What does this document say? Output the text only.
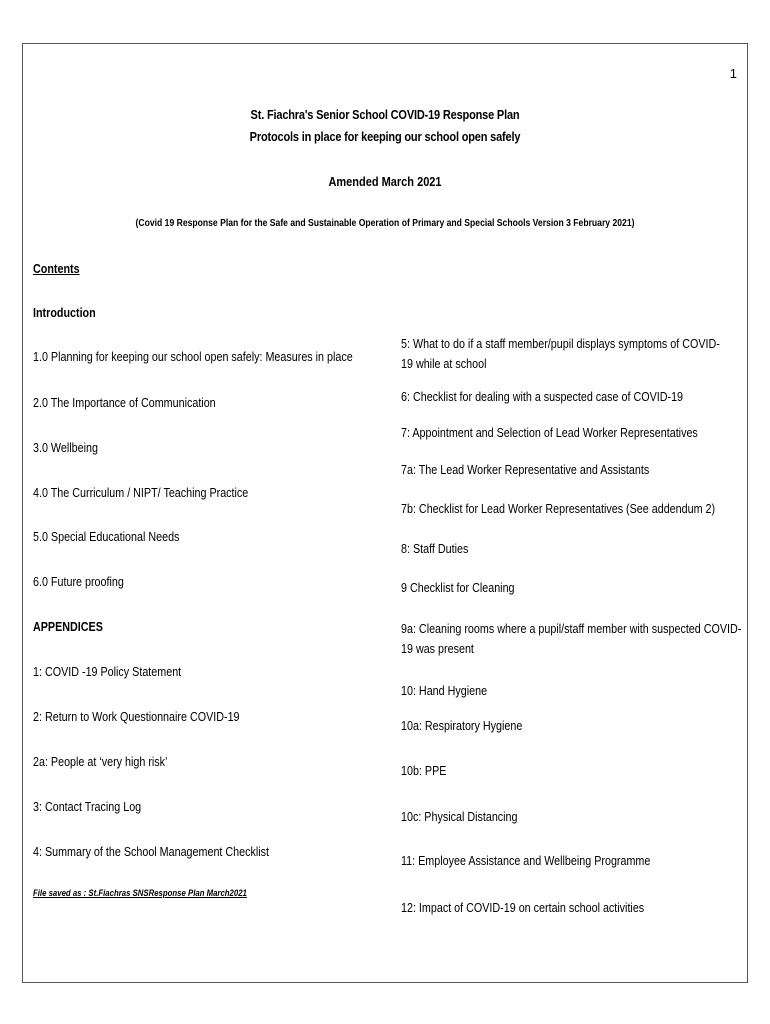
1
St. Fiachra's Senior School COVID-19 Response Plan
Protocols in place for keeping our school open safely
Amended March 2021
(Covid 19 Response Plan for the Safe and Sustainable Operation of Primary and Special Schools Version 3 February 2021)
Contents
Introduction
1.0 Planning for keeping our school open safely: Measures in place
2.0 The Importance of Communication
3.0 Wellbeing
4.0 The Curriculum / NIPT/ Teaching Practice
5.0 Special Educational Needs
6.0 Future proofing
APPENDICES
1: COVID -19 Policy Statement
2: Return to Work Questionnaire COVID-19
2a: People at ‘very high risk’
3: Contact Tracing Log
4: Summary of the School Management Checklist
File saved as : St.Fiachras SNSResponse Plan March2021
5: What to do if a staff member/pupil displays symptoms of COVID-19 while at school
6: Checklist for dealing with a suspected case of COVID-19
7: Appointment and Selection of Lead Worker Representatives
7a: The Lead Worker Representative and Assistants
7b: Checklist for Lead Worker Representatives (See addendum 2)
8: Staff Duties
9 Checklist for Cleaning
9a: Cleaning rooms where a pupil/staff member with suspected COVID-19 was present
10: Hand Hygiene
10a: Respiratory Hygiene
10b: PPE
10c: Physical Distancing
11: Employee Assistance and Wellbeing Programme
12: Impact of COVID-19 on certain school activities
